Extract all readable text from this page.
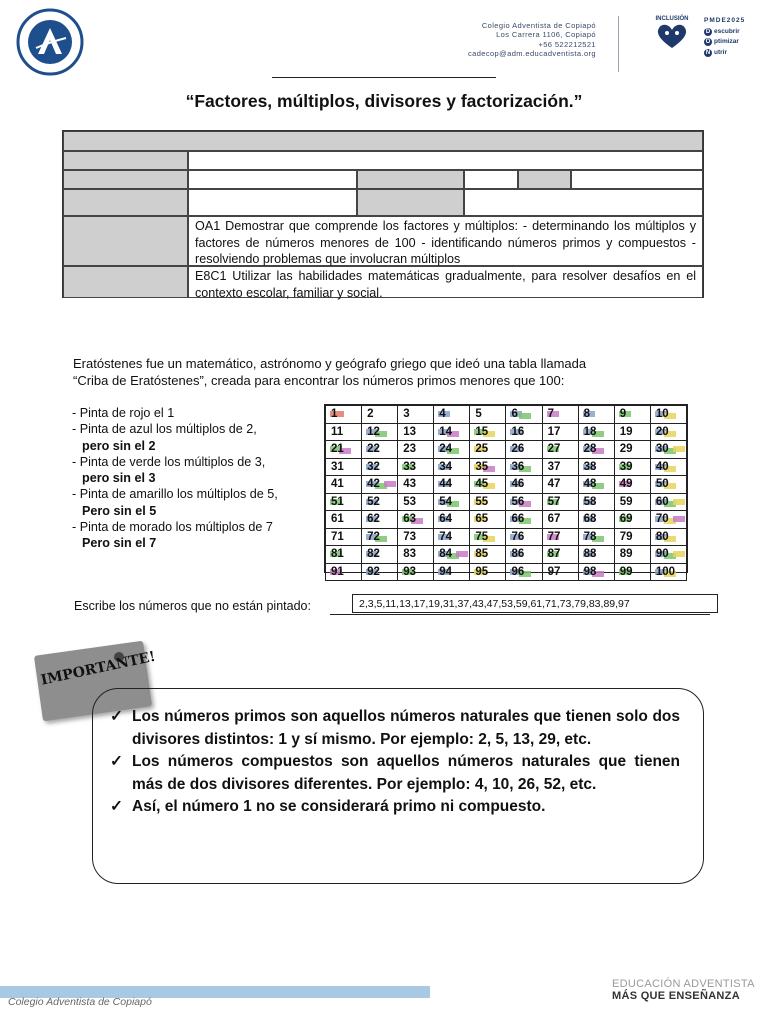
Colegio Adventista de Copiapó
Los Carrera 1106, Copiapó
+56 522212521
cadecop@adm.educadventista.org
INCLUSIÓN	PMDE2025
D escubrir
O ptimizar
N utrir
“Factores, múltiplos, divisores y factorización.”
OA1 Demostrar que comprende los factores y múltiplos: - determinando los múltiplos y factores de números menores de 100 - identificando números primos y compuestos - resolviendo problemas que involucran múltiplos
E8C1 Utilizar las habilidades matemáticas gradualmente, para resolver desafíos en el contexto escolar, familiar y social.
Eratóstenes fue un matemático, astrónomo y geógrafo griego que ideó una tabla llamada
“Criba de Eratóstenes”, creada para encontrar los números primos menores que 100:
- Pinta de rojo el 1
- Pinta de azul los múltiplos de 2,
pero sin el 2
- Pinta de verde los múltiplos de 3,
pero sin el 3
- Pinta de amarillo los múltiplos de 5,
Pero sin el 5
- Pinta de morado los múltiplos de 7
Pero sin el 7
1	2	3	4	5	6	7	8	9	10

11	12	13	14	15	16	17	18	19	20

21	22	23	24	25	26	27	28	29	30

31	32	33	34	35	36	37	38	39	40

41	42	43	44	45	46	47	48	49	50

51	52	53	54	55	56	57	58	59	60

61	62	63	64	65	66	67	68	69	70

71	72	73	74	75	76	77	78	79	80

81	82	83	84	85	86	87	88	89	90

91	92	93	94	95	96	97	98	99	100
Escribe los números que no están pintado:	2,3,5,11,13,17,19,31,37,43,47,53,59,61,71,73,79,83,89,97
IMPORTANTE!
✓ Los números primos son aquellos números naturales que tienen solo dos divisores distintos: 1 y sí mismo. Por ejemplo: 2, 5, 13, 29, etc.
✓ Los números compuestos son aquellos números naturales que tienen más de dos divisores diferentes. Por ejemplo: 4, 10, 26, 52, etc.
✓ Así, el número 1 no se considerará primo ni compuesto.
Colegio Adventista de Copiapó
EDUCACIÓN ADVENTISTA
MÁS QUE ENSEÑANZA
